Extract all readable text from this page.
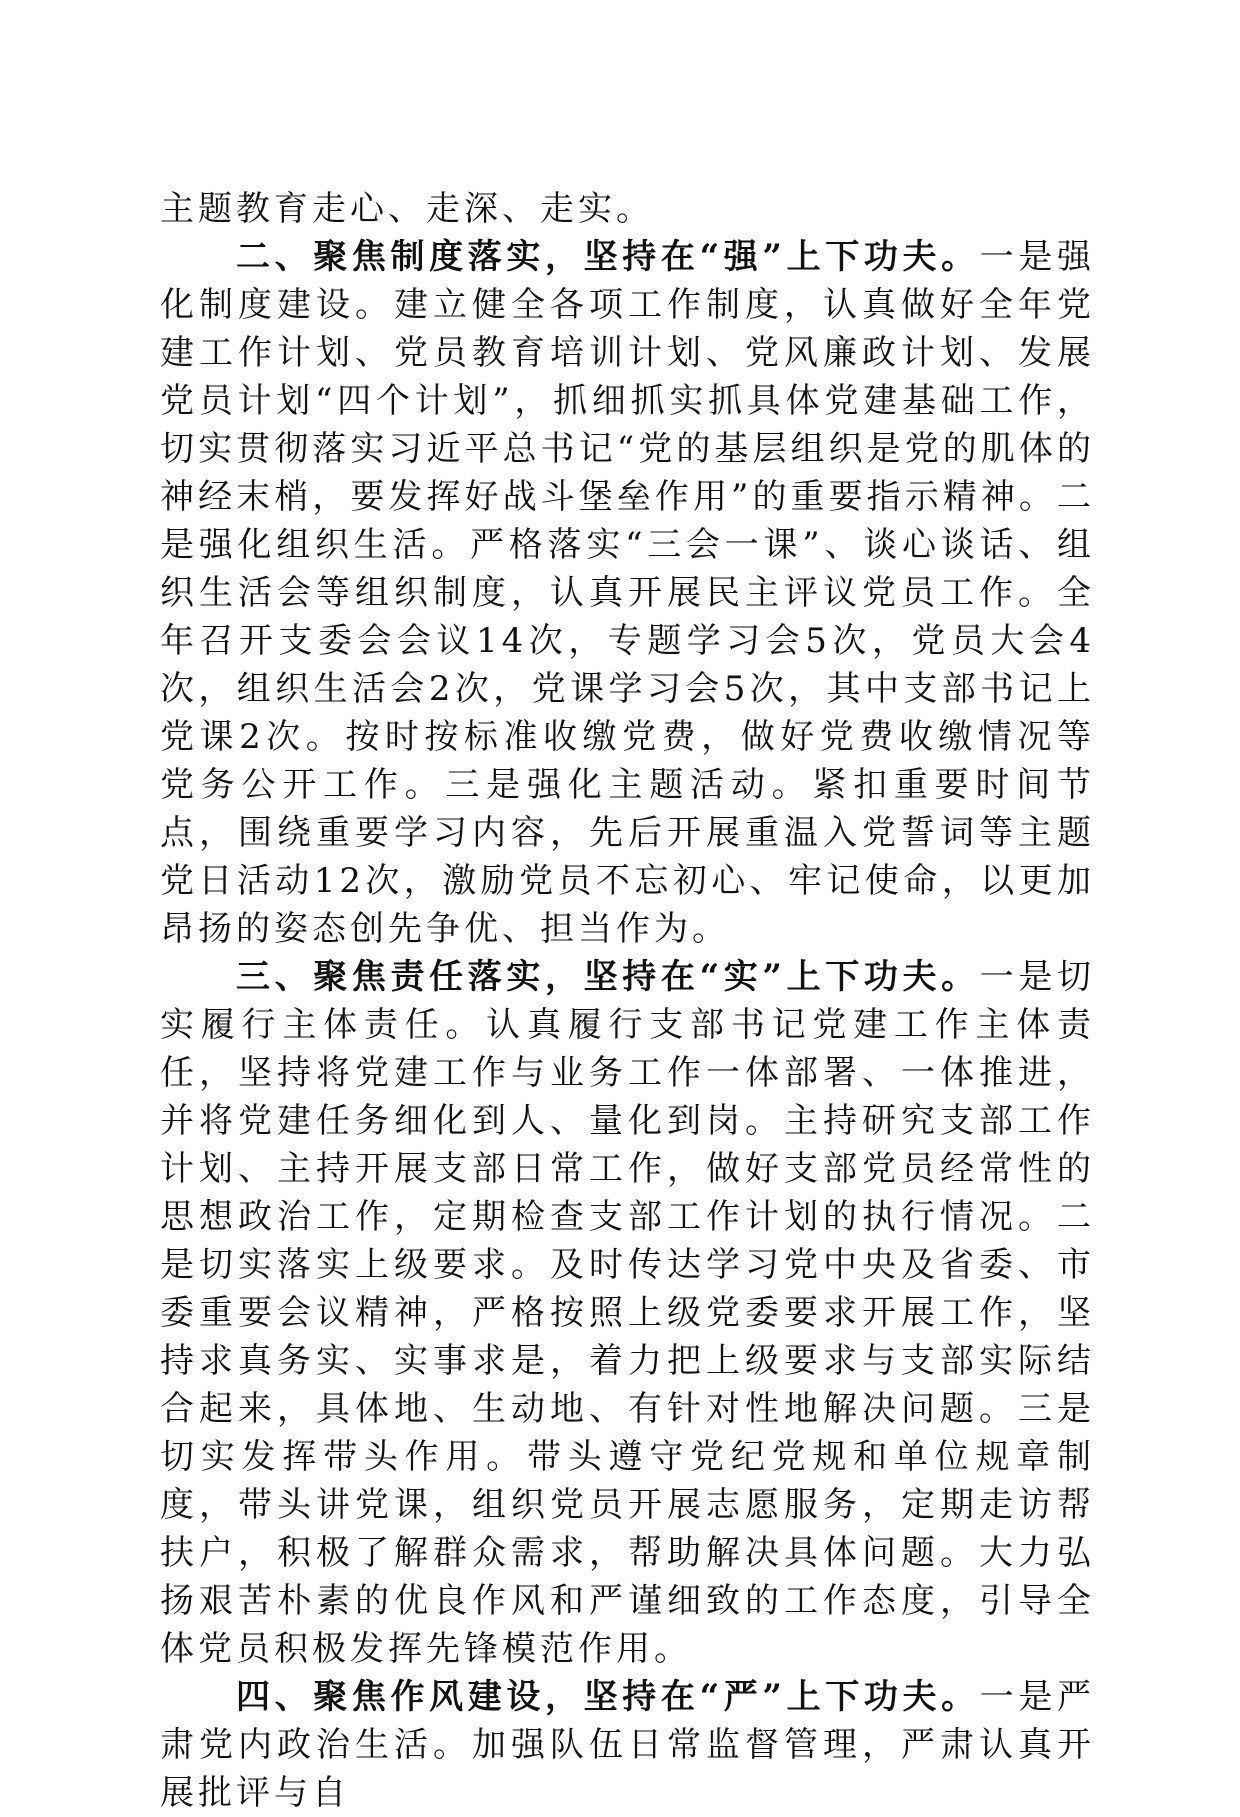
主题教育走心、走深、走实。

二、聚焦制度落实，坚持在“强”上下功夫。一是强化制度建设。建立健全各项工作制度，认真做好全年党建工作计划、党员教育培训计划、党风廉政计划、发展党员计划“四个计划”，抓细抓实抓具体党建基础工作，切实贯彻落实习近平总书记“党的基层组织是党的肌体的神经末梢，要发挥好战斗堡垒作用”的重要指示精神。二是强化组织生活。严格落实“三会一课”、谈心谈话、组织生活会等组织制度，认真开展民主评议党员工作。全年召开支委会会议14次，专题学习会5次，党员大会4次，组织生活会2次，党课学习会5次，其中支部书记上党课2次。按时按标准收缴党费，做好党费收缴情况等党务公开工作。三是强化主题活动。紧扣重要时间节点，围绕重要学习内容，先后开展重温入党誓词等主题党日活动12次，激励党员不忘初心、牢记使命，以更加昂扬的姿态创先争优、担当作为。

三、聚焦责任落实，坚持在“实”上下功夫。一是切实履行主体责任。认真履行支部书记党建工作主体责任，坚持将党建工作与业务工作一体部署、一体推进，并将党建任务细化到人、量化到岗。主持研究支部工作计划、主持开展支部日常工作，做好支部党员经常性的思想政治工作，定期检查支部工作计划的执行情况。二是切实落实上级要求。及时传达学习党中央及省委、市委重要会议精神，严格按照上级党委要求开展工作，坚持求真务实、实事求是，着力把上级要求与支部实际结合起来，具体地、生动地、有针对性地解决问题。三是切实发挥带头作用。带头遵守党纪党规和单位规章制度，带头讲党课，组织党员开展志愿服务，定期走访帮扶户，积极了解群众需求，帮助解决具体问题。大力弘扬艰苦朴素的优良作风和严谨细致的工作态度，引导全体党员积极发挥先锋模范作用。

四、聚焦作风建设，坚持在“严”上下功夫。一是严肃党内政治生活。加强队伍日常监督管理，严肃认真开展批评与自
